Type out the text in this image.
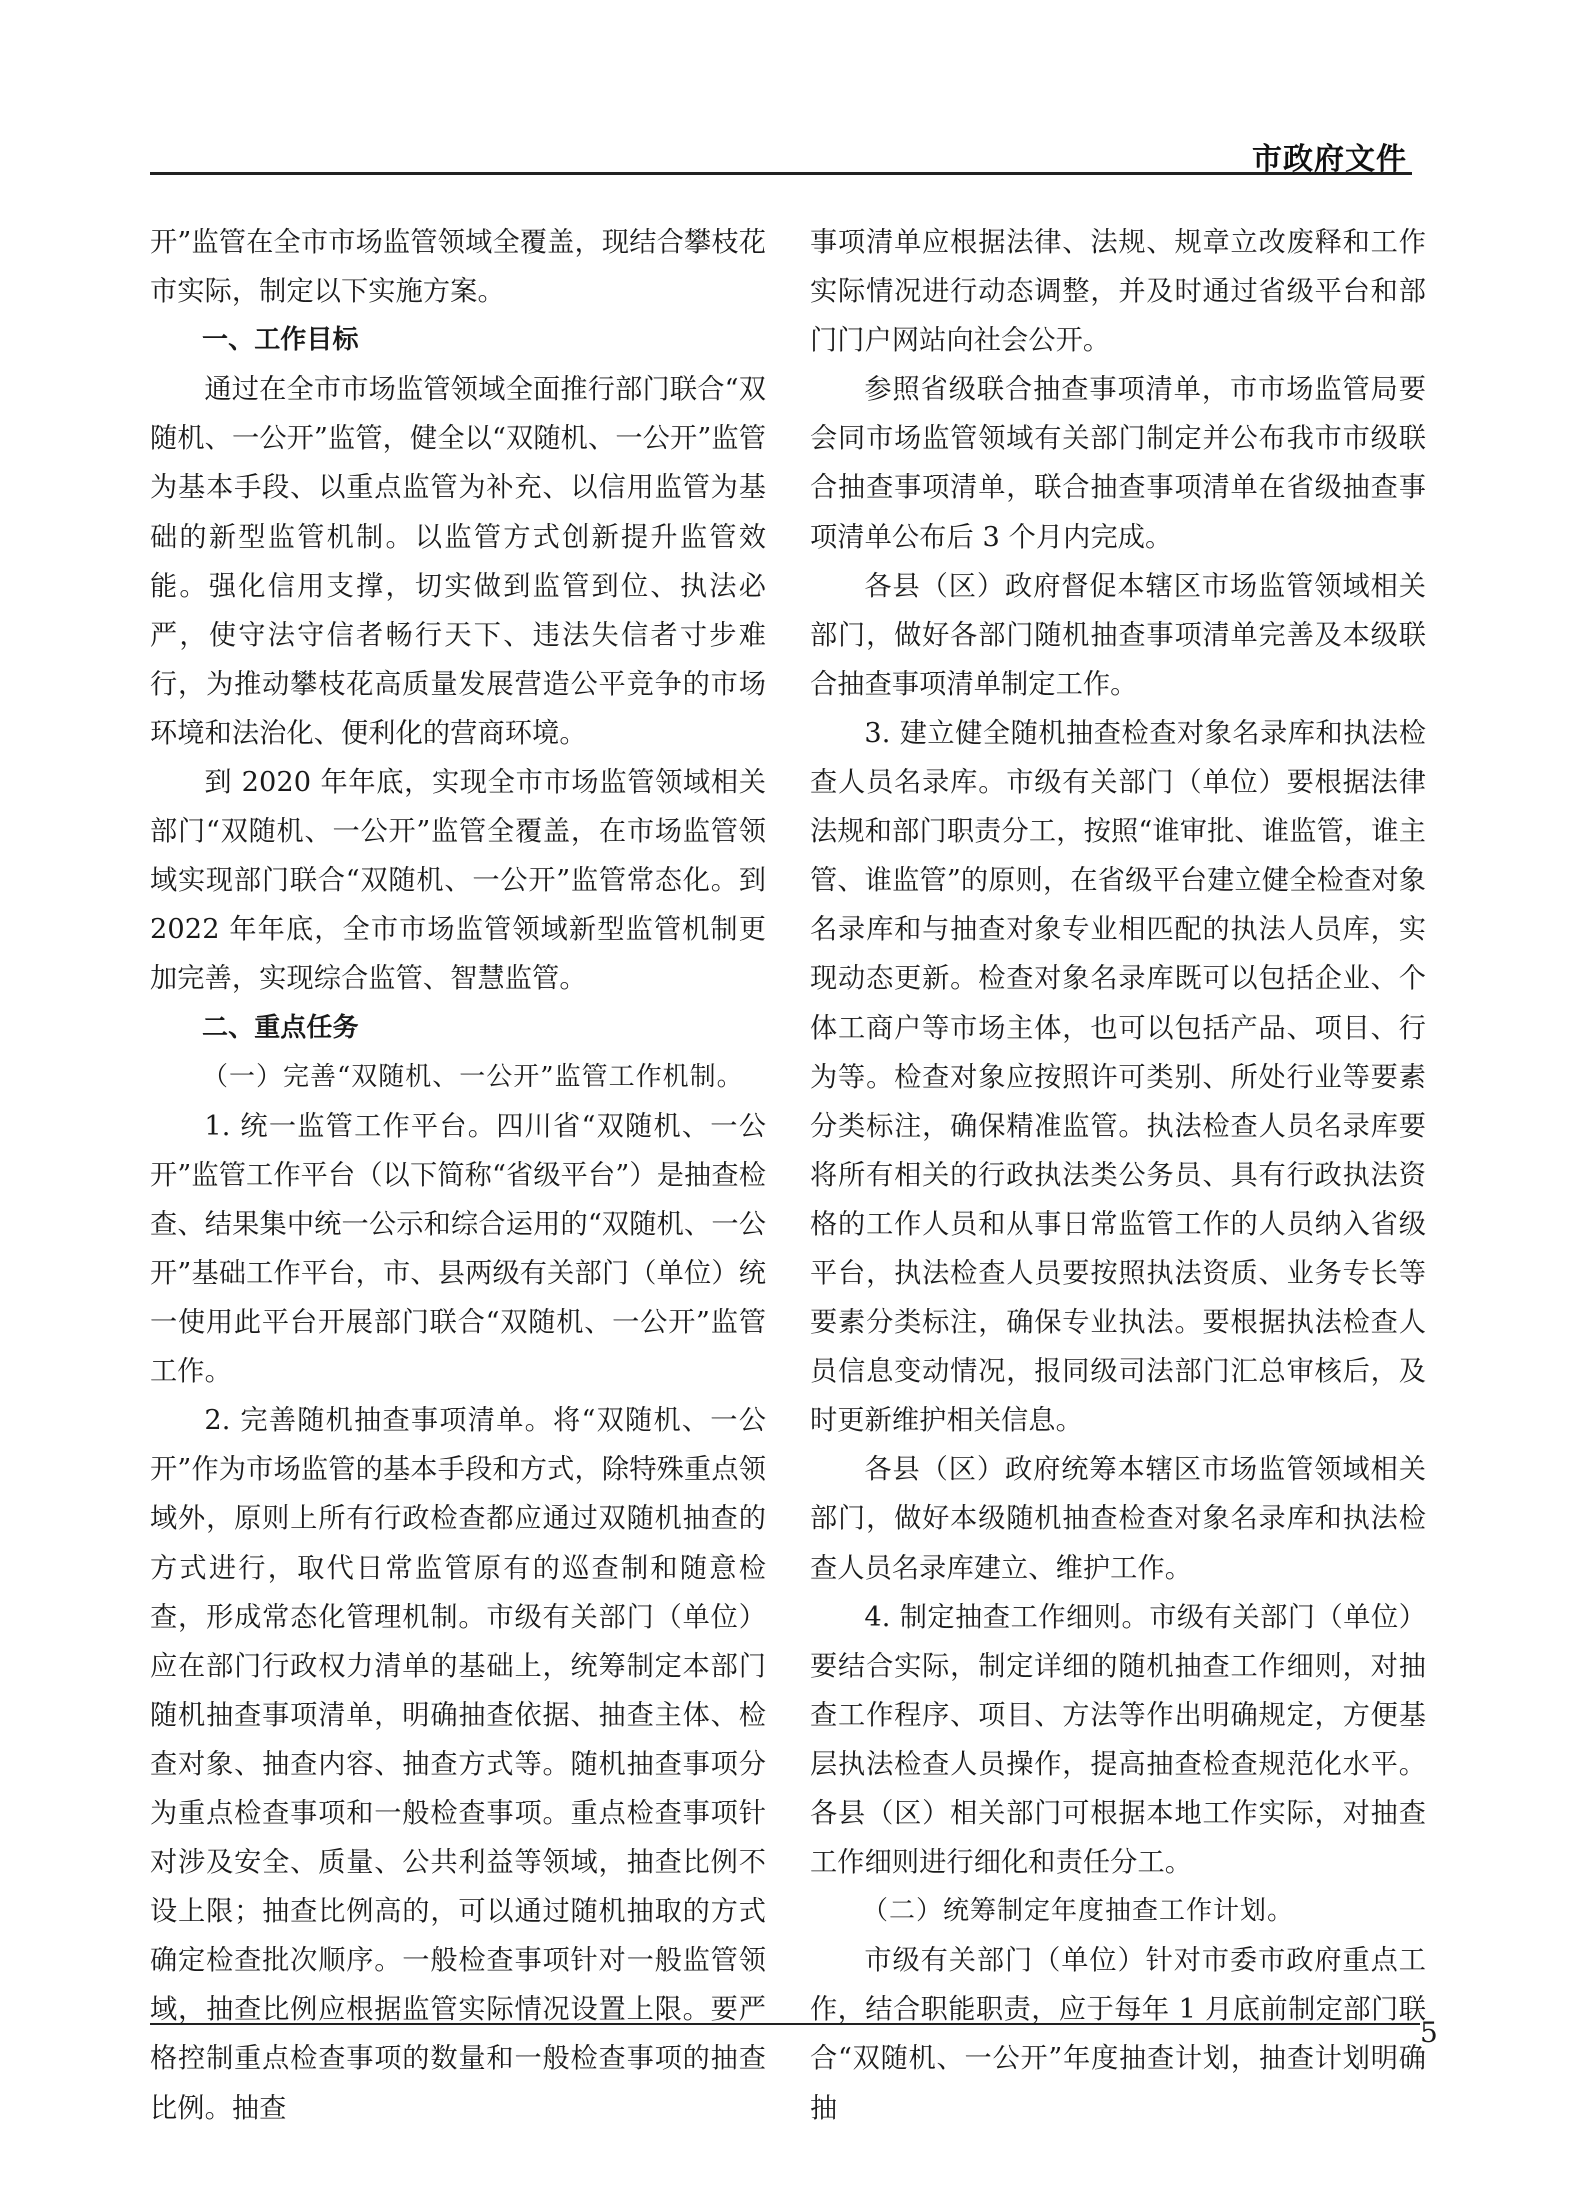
市政府文件

开”监管在全市市场监管领域全覆盖，现结合攀枝花市实际，制定以下实施方案。

一、工作目标

通过在全市市场监管领域全面推行部门联合“双随机、一公开”监管，健全以“双随机、一公开”监管为基本手段、以重点监管为补充、以信用监管为基础的新型监管机制。以监管方式创新提升监管效能。强化信用支撑，切实做到监管到位、执法必严，使守法守信者畅行天下、违法失信者寸步难行，为推动攀枝花高质量发展营造公平竞争的市场环境和法治化、便利化的营商环境。

到 2020 年年底，实现全市市场监管领域相关部门“双随机、一公开”监管全覆盖，在市场监管领域实现部门联合“双随机、一公开”监管常态化。到 2022 年年底，全市市场监管领域新型监管机制更加完善，实现综合监管、智慧监管。

二、重点任务

（一）完善“双随机、一公开”监管工作机制。

1. 统一监管工作平台。四川省“双随机、一公开”监管工作平台（以下简称“省级平台”）是抽查检查、结果集中统一公示和综合运用的“双随机、一公开”基础工作平台，市、县两级有关部门（单位）统一使用此平台开展部门联合“双随机、一公开”监管工作。

2. 完善随机抽查事项清单。将“双随机、一公开”作为市场监管的基本手段和方式，除特殊重点领域外，原则上所有行政检查都应通过双随机抽查的方式进行，取代日常监管原有的巡查制和随意检查，形成常态化管理机制。市级有关部门（单位）应在部门行政权力清单的基础上，统筹制定本部门随机抽查事项清单，明确抽查依据、抽查主体、检查对象、抽查内容、抽查方式等。随机抽查事项分为重点检查事项和一般检查事项。重点检查事项针对涉及安全、质量、公共利益等领域，抽查比例不设上限；抽查比例高的，可以通过随机抽取的方式确定检查批次顺序。一般检查事项针对一般监管领域，抽查比例应根据监管实际情况设置上限。要严格控制重点检查事项的数量和一般检查事项的抽查比例。抽查

事项清单应根据法律、法规、规章立改废释和工作实际情况进行动态调整，并及时通过省级平台和部门门户网站向社会公开。

参照省级联合抽查事项清单，市市场监管局要会同市场监管领域有关部门制定并公布我市市级联合抽查事项清单，联合抽查事项清单在省级抽查事项清单公布后 3 个月内完成。

各县（区）政府督促本辖区市场监管领域相关部门，做好各部门随机抽查事项清单完善及本级联合抽查事项清单制定工作。

3. 建立健全随机抽查检查对象名录库和执法检查人员名录库。市级有关部门（单位）要根据法律法规和部门职责分工，按照“谁审批、谁监管，谁主管、谁监管”的原则，在省级平台建立健全检查对象名录库和与抽查对象专业相匹配的执法人员库，实现动态更新。检查对象名录库既可以包括企业、个体工商户等市场主体，也可以包括产品、项目、行为等。检查对象应按照许可类别、所处行业等要素分类标注，确保精准监管。执法检查人员名录库要将所有相关的行政执法类公务员、具有行政执法资格的工作人员和从事日常监管工作的人员纳入省级平台，执法检查人员要按照执法资质、业务专长等要素分类标注，确保专业执法。要根据执法检查人员信息变动情况，报同级司法部门汇总审核后，及时更新维护相关信息。

各县（区）政府统筹本辖区市场监管领域相关部门，做好本级随机抽查检查对象名录库和执法检查人员名录库建立、维护工作。

4. 制定抽查工作细则。市级有关部门（单位）要结合实际，制定详细的随机抽查工作细则，对抽查工作程序、项目、方法等作出明确规定，方便基层执法检查人员操作，提高抽查检查规范化水平。各县（区）相关部门可根据本地工作实际，对抽查工作细则进行细化和责任分工。

（二）统筹制定年度抽查工作计划。

市级有关部门（单位）针对市委市政府重点工作，结合职能职责，应于每年 1 月底前制定部门联合“双随机、一公开”年度抽查计划，抽查计划明确抽

5
